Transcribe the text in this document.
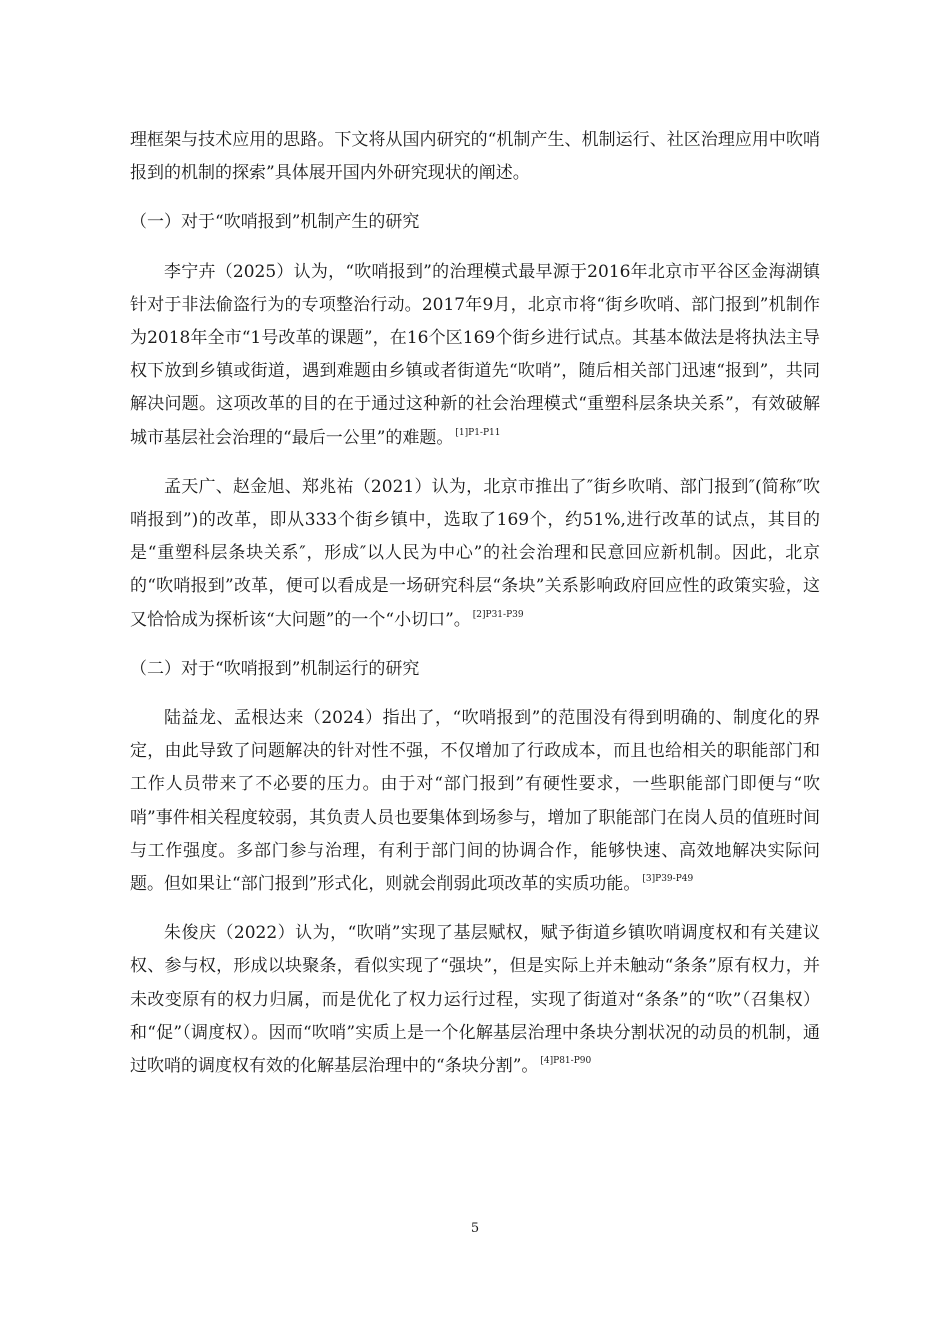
理框架与技术应用的思路。下文将从国内研究的“机制产生、机制运行、社区治理应用中吹哨报到的机制的探索”具体展开国内外研究现状的阐述。

（一）对于“吹哨报到”机制产生的研究

李宁卉（2025）认为，“吹哨报到”的治理模式最早源于2016年北京市平谷区金海湖镇针对于非法偷盗行为的专项整治行动。2017年9月，北京市将“街乡吹哨、部门报到”机制作为2018年全市“1号改革的课题”，在16个区169个街乡进行试点。其基本做法是将执法主导权下放到乡镇或街道，遇到难题由乡镇或者街道先“吹哨”，随后相关部门迅速“报到”，共同解决问题。这项改革的目的在于通过这种新的社会治理模式“重塑科层条块关系”，有效破解城市基层社会治理的“最后一公里”的难题。 $^{[1]P1-P11}$

孟天广、赵金旭、郑兆祐（2021）认为，北京市推出了″街乡吹哨、部门报到″(简称″吹哨报到”)的改革，即从333个街乡镇中，选取了169个，约51%,进行改革的试点，其目的是“重塑科层条块关系″，形成″以人民为中心”的社会治理和民意回应新机制。因此，北京的“吹哨报到”改革，便可以看成是一场研究科层“条块”关系影响政府回应性的政策实验，这又恰恰成为探析该“大问题”的一个“小切口”。 $^{[2]P31-P39}$

（二）对于“吹哨报到”机制运行的研究

陆益龙、孟根达来（2024）指出了，“吹哨报到”的范围没有得到明确的、制度化的界定，由此导致了问题解决的针对性不强，不仅增加了行政成本，而且也给相关的职能部门和工作人员带来了不必要的压力。由于对“部门报到”有硬性要求，一些职能部门即便与“吹哨”事件相关程度较弱，其负责人员也要集体到场参与，增加了职能部门在岗人员的值班时间与工作强度。多部门参与治理，有利于部门间的协调合作，能够快速、高效地解决实际问题。但如果让“部门报到”形式化，则就会削弱此项改革的实质功能。 $^{[3]P39-P49}$

朱俊庆（2022）认为，“吹哨”实现了基层赋权，赋予街道乡镇吹哨调度权和有关建议权、参与权，形成以块聚条，看似实现了“强块”，但是实际上并未触动“条条”原有权力，并未改变原有的权力归属，而是优化了权力运行过程，实现了街道对“条条”的“吹”（召集权）和“促”（调度权）。因而“吹哨”实质上是一个化解基层治理中条块分割状况的动员的机制，通过吹哨的调度权有效的化解基层治理中的“条块分割”。 $^{[4]P81-P90}$

5
